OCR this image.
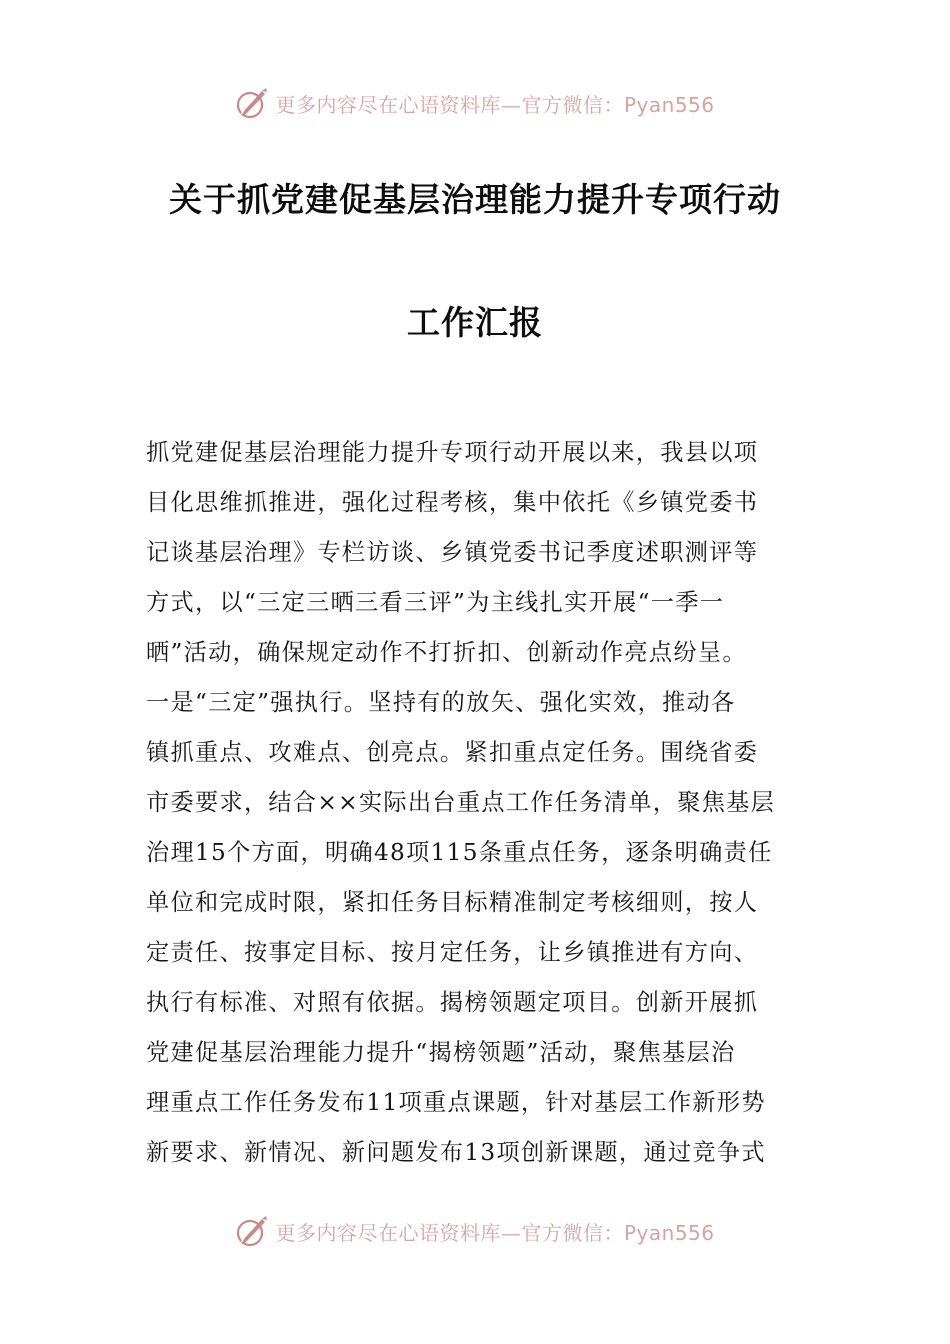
更多内容尽在心语资料库—官方微信：Pyan556
关于抓党建促基层治理能力提升专项行动
工作汇报
抓党建促基层治理能力提升专项行动开展以来，我县以项
目化思维抓推进，强化过程考核，集中依托《乡镇党委书
记谈基层治理》专栏访谈、乡镇党委书记季度述职测评等
方式，以“三定三晒三看三评”为主线扎实开展“一季一
晒”活动，确保规定动作不打折扣、创新动作亮点纷呈。
一是“三定”强执行。坚持有的放矢、强化实效，推动各
镇抓重点、攻难点、创亮点。紧扣重点定任务。围绕省委
市委要求，结合××实际出台重点工作任务清单，聚焦基层
治理15个方面，明确48项115条重点任务，逐条明确责任
单位和完成时限，紧扣任务目标精准制定考核细则，按人
定责任、按事定目标、按月定任务，让乡镇推进有方向、
执行有标准、对照有依据。揭榜领题定项目。创新开展抓
党建促基层治理能力提升“揭榜领题”活动，聚焦基层治
理重点工作任务发布11项重点课题，针对基层工作新形势
新要求、新情况、新问题发布13项创新课题，通过竞争式
更多内容尽在心语资料库—官方微信：Pyan556
